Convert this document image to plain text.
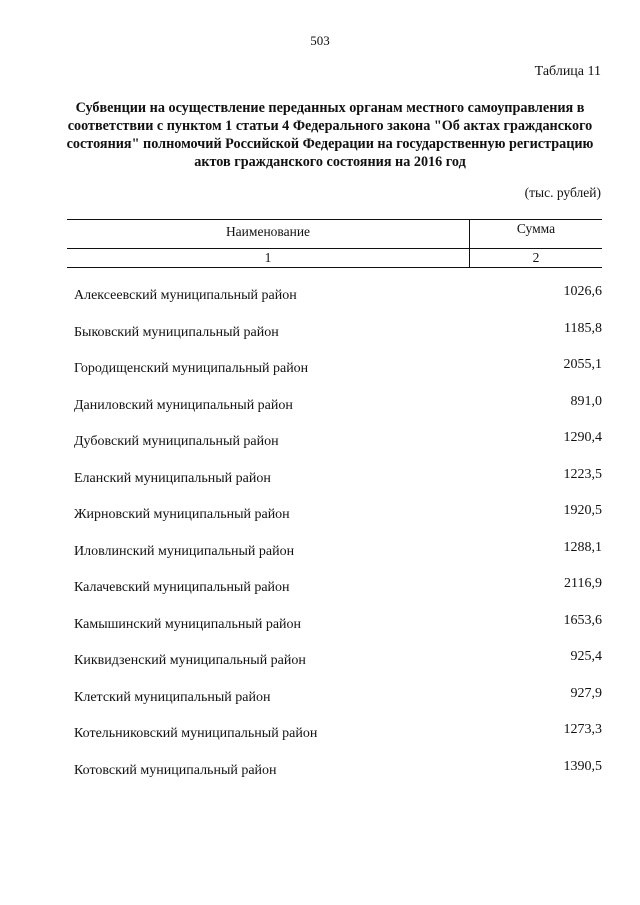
503
Таблица 11
Субвенции на осуществление переданных органам местного самоуправления в соответствии с пунктом 1 статьи 4 Федерального закона "Об актах гражданского состояния" полномочий Российской Федерации на государственную регистрацию актов гражданского состояния на 2016 год
(тыс. рублей)
Наименование	Сумма
1	2
Алексеевский муниципальный район	1026,6
Быковский муниципальный район	1185,8
Городищенский муниципальный район	2055,1
Даниловский муниципальный район	891,0
Дубовский муниципальный район	1290,4
Еланский муниципальный район	1223,5
Жирновский муниципальный район	1920,5
Иловлинский муниципальный район	1288,1
Калачевский муниципальный район	2116,9
Камышинский муниципальный район	1653,6
Киквидзенский муниципальный район	925,4
Клетский муниципальный район	927,9
Котельниковский муниципальный район	1273,3
Котовский муниципальный район	1390,5
